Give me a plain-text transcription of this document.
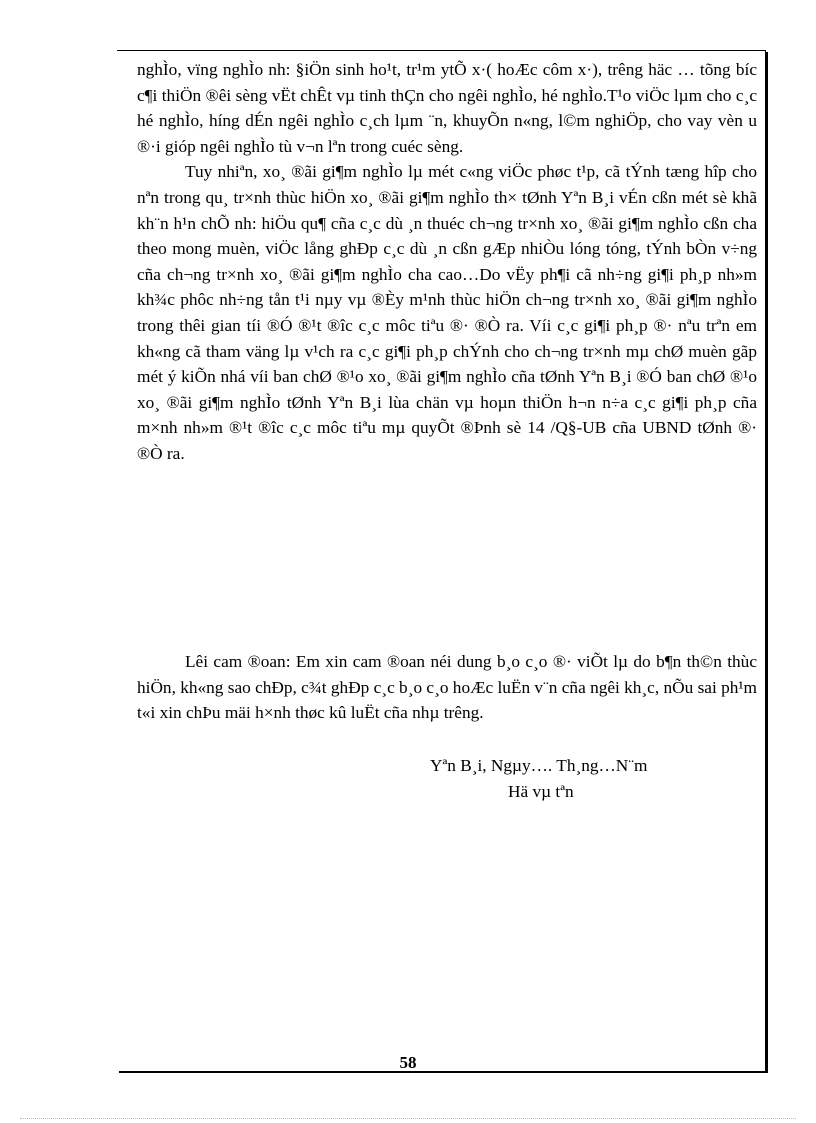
nghÌo, vïng nghÌo nh: §iÖn sinh ho¹t, tr¹m ytÕ x·( hoÆc côm x·), trêng häc … tõng bíc c¶i thiÖn ®êi sèng vËt chÊt vµ tinh thÇn cho ngêi nghÌo, hé nghÌo.T¹o viÖc lµm cho c¸c hé nghÌo, híng dÉn ngêi nghÌo c¸ch lµm ¨n, khuyÕn n«ng, l©m nghiÖp, cho vay vèn u ®·i gióp ngêi nghÌo tù v¬n lªn trong cuéc sèng.

Tuy nhiªn, xo¸ ®ãi gi¶m nghÌo lµ mét c«ng viÖc phøc t¹p, cã tÝnh tæng hîp cho nªn trong qu¸ tr×nh thùc hiÖn xo¸ ®ãi gi¶m nghÌo th× tØnh Yªn B¸i vÉn cßn mét sè khã kh¨n h¹n chÕ nh: hiÖu qu¶ cña c¸c dù ¸n thuéc ch¬ng tr×nh xo¸ ®ãi gi¶m nghÌo cßn cha theo mong muèn, viÖc lång ghÐp c¸c dù ¸n cßn gÆp nhiÒu lóng tóng, tÝnh bÒn v÷ng cña ch¬ng tr×nh xo¸ ®ãi gi¶m nghÌo cha cao…Do vËy ph¶i cã nh÷ng gi¶i ph¸p nh»m kh¾c phôc nh÷ng tån t¹i nµy vµ ®Èy m¹nh thùc hiÖn ch¬ng tr×nh xo¸ ®ãi gi¶m nghÌo trong thêi gian tíi ®Ó ®¹t ®îc c¸c môc tiªu ®· ®Ò ra. Víi c¸c gi¶i ph¸p ®· nªu trªn em kh«ng cã tham väng lµ v¹ch ra c¸c gi¶i ph¸p chÝnh cho ch¬ng tr×nh mµ chØ muèn gãp mét ý kiÕn nhá víi ban chØ ®¹o xo¸ ®ãi gi¶m nghÌo cña tØnh Yªn B¸i ®Ó ban chØ ®¹o xo¸ ®ãi gi¶m nghÌo tØnh Yªn B¸i lùa chän vµ hoµn thiÖn h¬n n÷a c¸c gi¶i ph¸p cña m×nh nh»m ®¹t ®îc c¸c môc tiªu mµ quyÕt ®Þnh sè 14 /Q§-UB cña UBND tØnh ®· ®Ò ra.

Lêi cam ®oan: Em xin cam ®oan néi dung b¸o c¸o ®· viÕt lµ do b¶n th©n thùc hiÖn, kh«ng sao chÐp, c¾t ghÐp c¸c b¸o c¸o hoÆc luËn v¨n cña ngêi kh¸c, nÕu sai ph¹m t«i xin chÞu mäi h×nh thøc kû luËt cña nhµ trêng.

Yªn B¸i, Ngµy…. Th¸ng…N¨m
Hä vµ tªn
58
